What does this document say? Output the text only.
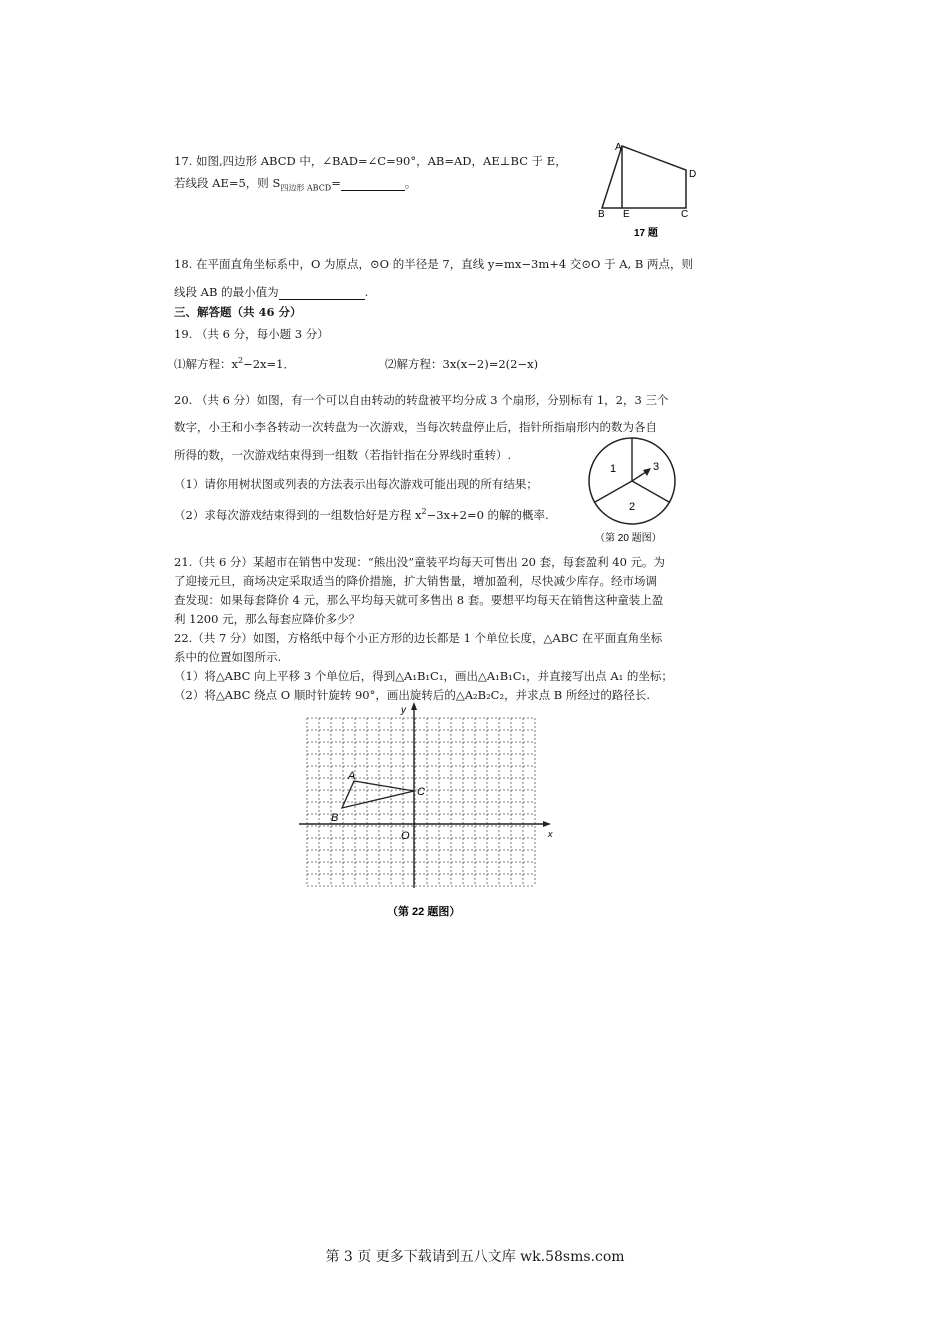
17. 如图,四边形 ABCD 中，∠BAD=∠C=90°，AB=AD，AE⊥BC 于 E，
若线段 AE=5，则 $S_{四边形 ABCD}=$	。
A
D
B E	C
17 题
18. 在平面直角坐标系中，O 为原点，⊙O 的半径是 7，直线 y=mx−3m+4 交⊙O 于 A, B 两点，则
线段 AB 的最小值为	.
三、解答题（共 46 分）
19. （共 6 分，每小题 3 分）
⑴解方程：$x^2-2x=1$．	⑵解方程：3x(x−2)=2(2−x)
20. （共 6 分）如图，有一个可以自由转动的转盘被平均分成 3 个扇形，分别标有 1，2，3 三个
数字，小王和小李各转动一次转盘为一次游戏，当每次转盘停止后，指针所指扇形内的数为各自
所得的数，一次游戏结束得到一组数（若指针指在分界线时重转）.
（1）请你用树状图或列表的方法表示出每次游戏可能出现的所有结果；
（2）求每次游戏结束得到的一组数恰好是方程 $x^2-3x+2=0$ 的解的概率.
1
2
3
（第 20 题图）
21.（共 6 分）某超市在销售中发现：“熊出没”童装平均每天可售出 20 套，每套盈利 40 元。为
了迎接元旦，商场决定采取适当的降价措施，扩大销售量，增加盈利，尽快减少库存。经市场调
查发现：如果每套降价 4 元，那么平均每天就可多售出 8 套。要想平均每天在销售这种童装上盈
利 1200 元，那么每套应降价多少？
22.（共 7 分）如图，方格纸中每个小正方形的边长都是 1 个单位长度，△ABC 在平面直角坐标
系中的位置如图所示.
（1）将△ABC 向上平移 3 个单位后，得到△A₁B₁C₁，画出△A₁B₁C₁，并直接写出点 A₁ 的坐标；
（2）将△ABC 绕点 O 顺时针旋转 90°，画出旋转后的△A₂B₂C₂，并求点 B 所经过的路径长.
y
x
A
B
C
O
（第 22 题图）
第 3 页 更多下载请到五八文库 wk.58sms.com
